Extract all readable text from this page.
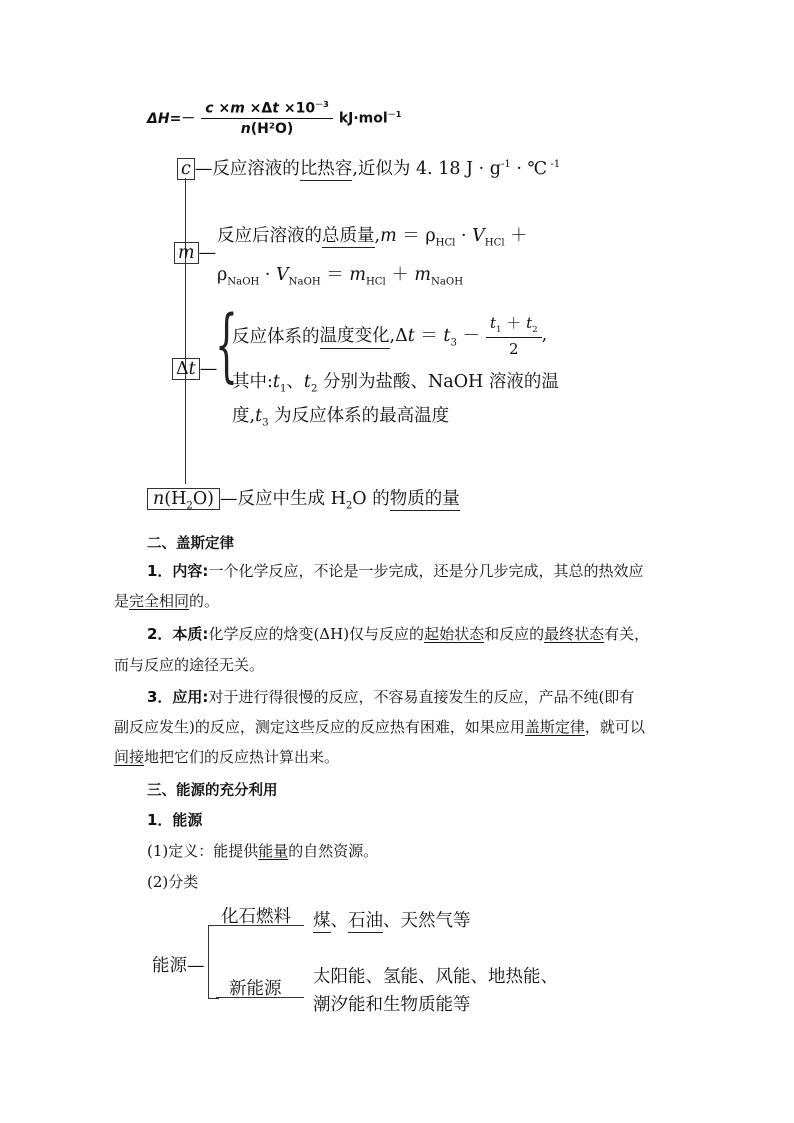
$\Delta H=- \frac{c \times m \times\Delta t \times 10^{-3}}{\text{n(H²O)}} kJ\cdot mol^{-1}$
c —反应溶液的比热容,近似为 4. 18 $J \cdot g^{-1}$ · ℃ $^{-1}$
m —
反应后溶液的总质量$,m = \rho_{HCl} \cdot V_{HCl}$ ＋
$\rho_{NaOH} \cdot V_{NaOH} = m_{HCl} + m_{NaOH}$
Δt —
{
反应体系的 温度变化 $,\Delta t = t_3 - \frac{t_1 + t_2}{2}$ ,
其中$:t_1$、$t_2$ 分别为盐酸、NaOH 溶液的温
度$,t_3$ 为反应体系的最高温度
$n(H_2O)$ —反应中生成 $H_2O$ 的物质的量
二、盖斯定律
1．内容:一个化学反应，不论是一步完成，还是分几步完成，其总的热效应
是完全相同的。
2．本质:化学反应的焓变(ΔH)仅与反应的起始状态和反应的最终状态有关，
而与反应的途径无关。
3．应用:对于进行得很慢的反应，不容易直接发生的反应，产品不纯(即有
副反应发生)的反应，测定这些反应的反应热有困难，如果应用盖斯定律，就可以
间接地把它们的反应热计算出来。
三、能源的充分利用
1．能源
(1)定义：能提供能量的自然资源。
(2)分类
能源—
化石燃料
新能源
煤、石油、天然气等
太阳能、氢能、风能、地热能、
潮汐能和生物质能等
